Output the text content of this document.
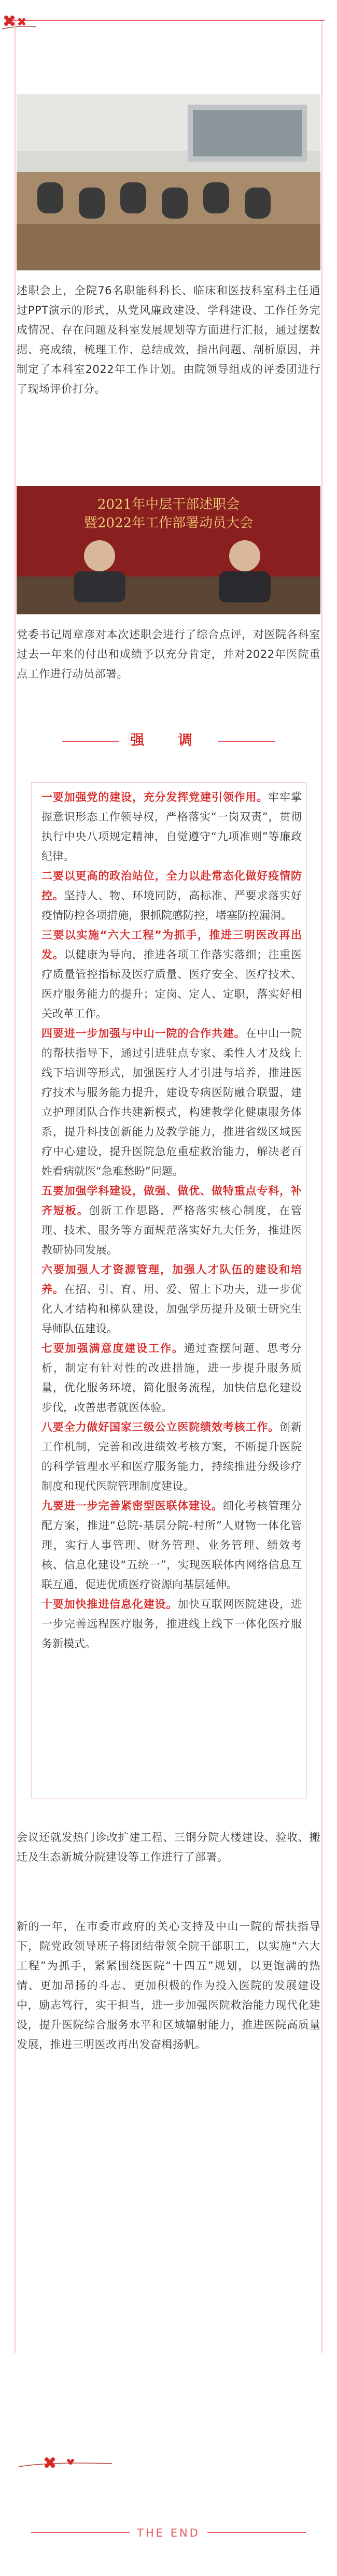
述职会上，全院76名职能科科长、临床和医技科室科主任通过PPT演示的形式，从党风廉政建设、学科建设、工作任务完成情况、存在问题及科室发展规划等方面进行汇报，通过摆数据、亮成绩，梳理工作、总结成效，指出问题、剖析原因，并制定了本科室2022年工作计划。由院领导组成的评委团进行了现场评价打分。

2021年中层干部述职会
暨2022年工作部署动员大会

党委书记周章彦对本次述职会进行了综合点评，对医院各科室过去一年来的付出和成绩予以充分肯定，并对2022年医院重点工作进行动员部署。

强 调

一要加强党的建设，充分发挥党建引领作用。牢牢掌握意识形态工作领导权，严格落实“一岗双责”，贯彻执行中央八项规定精神，自觉遵守“九项准则”等廉政纪律。

二要以更高的政治站位，全力以赴常态化做好疫情防控。坚持人、物、环境同防，高标准、严要求落实好疫情防控各项措施，狠抓院感防控，堵塞防控漏洞。

三要以实施“六大工程”为抓手，推进三明医改再出发。以健康为导向，推进各项工作落实落细；注重医疗质量管控指标及医疗质量、医疗安全、医疗技术、医疗服务能力的提升；定岗、定人、定职，落实好相关改革工作。

四要进一步加强与中山一院的合作共建。在中山一院的帮扶指导下，通过引进驻点专家、柔性人才及线上线下培训等形式，加强医疗人才引进与培养，推进医疗技术与服务能力提升，建设专病医防融合联盟，建立护理团队合作共建新模式，构建教学化健康服务体系，提升科技创新能力及教学能力，推进省级区域医疗中心建设，提升医院急危重症救治能力，解决老百姓看病就医“急难愁盼”问题。

五要加强学科建设，做强、做优、做特重点专科，补齐短板。创新工作思路，严格落实核心制度，在管理、技术、服务等方面规范落实好九大任务，推进医教研协同发展。

六要加强人才资源管理，加强人才队伍的建设和培养。在招、引、育、用、爱、留上下功夫，进一步优化人才结构和梯队建设，加强学历提升及硕士研究生导师队伍建设。

七要加强满意度建设工作。通过查摆问题、思考分析，制定有针对性的改进措施，进一步提升服务质量，优化服务环境，简化服务流程，加快信息化建设步伐，改善患者就医体验。

八要全力做好国家三级公立医院绩效考核工作。创新工作机制，完善和改进绩效考核方案，不断提升医院的科学管理水平和医疗服务能力，持续推进分级诊疗制度和现代医院管理制度建设。

九要进一步完善紧密型医联体建设。细化考核管理分配方案，推进“总院-基层分院-村所”人财物一体化管理，实行人事管理、财务管理、业务管理、绩效考核、信息化建设“五统一”，实现医联体内网络信息互联互通，促进优质医疗资源向基层延伸。

十要加快推进信息化建设。加快互联网医院建设，进一步完善远程医疗服务，推进线上线下一体化医疗服务新模式。

会议还就发热门诊改扩建工程、三钢分院大楼建设、验收、搬迁及生态新城分院建设等工作进行了部署。

新的一年，在市委市政府的关心支持及中山一院的帮扶指导下，院党政领导班子将团结带领全院干部职工，以实施“六大工程”为抓手，紧紧围绕医院“十四五”规划，以更饱满的热情、更加昂扬的斗志、更加积极的作为投入医院的发展建设中，励志笃行，实干担当，进一步加强医院救治能力现代化建设，提升医院综合服务水平和区域辐射能力，推进医院高质量发展，推进三明医改再出发奋楫扬帆。

THE END
